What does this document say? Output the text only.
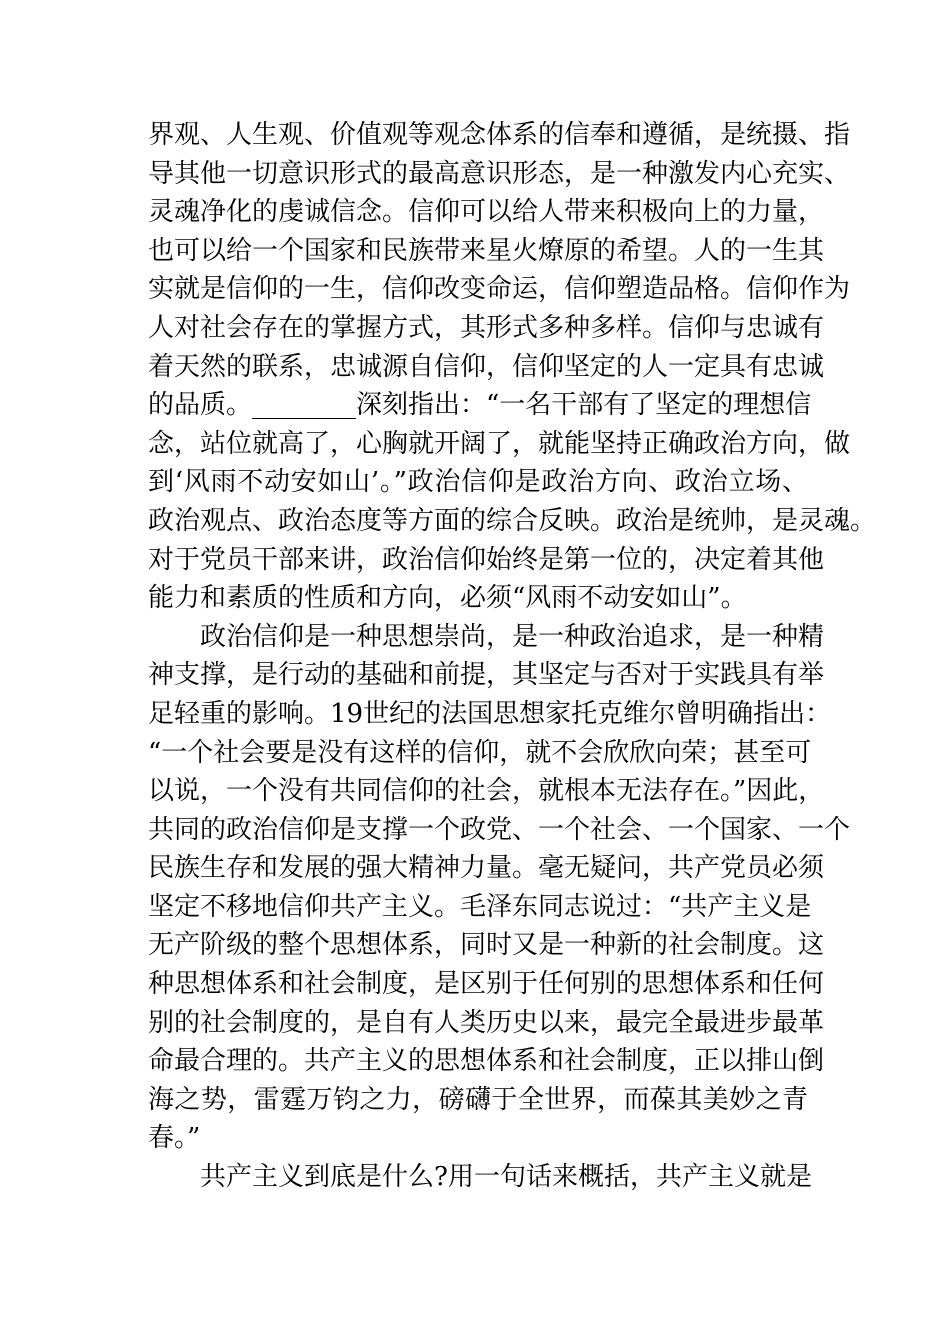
界观、人生观、价值观等观念体系的信奉和遵循，是统摄、指
导其他一切意识形式的最高意识形态，是一种激发内心充实、
灵魂净化的虔诚信念。信仰可以给人带来积极向上的力量，
也可以给一个国家和民族带来星火燎原的希望。人的一生其
实就是信仰的一生，信仰改变命运，信仰塑造品格。信仰作为
人对社会存在的掌握方式，其形式多种多样。信仰与忠诚有
着天然的联系，忠诚源自信仰，信仰坚定的人一定具有忠诚
的品质。________深刻指出：“一名干部有了坚定的理想信
念，站位就高了，心胸就开阔了，就能坚持正确政治方向，做
到‘风雨不动安如山’。”政治信仰是政治方向、政治立场、
政治观点、政治态度等方面的综合反映。政治是统帅，是灵魂。
对于党员干部来讲，政治信仰始终是第一位的，决定着其他
能力和素质的性质和方向，必须“风雨不动安如山”。
政治信仰是一种思想崇尚，是一种政治追求，是一种精
神支撑，是行动的基础和前提，其坚定与否对于实践具有举
足轻重的影响。19世纪的法国思想家托克维尔曾明确指出：
“一个社会要是没有这样的信仰，就不会欣欣向荣；甚至可
以说，一个没有共同信仰的社会，就根本无法存在。”因此，
共同的政治信仰是支撑一个政党、一个社会、一个国家、一个
民族生存和发展的强大精神力量。毫无疑问，共产党员必须
坚定不移地信仰共产主义。毛泽东同志说过：“共产主义是
无产阶级的整个思想体系，同时又是一种新的社会制度。这
种思想体系和社会制度，是区别于任何别的思想体系和任何
别的社会制度的，是自有人类历史以来，最完全最进步最革
命最合理的。共产主义的思想体系和社会制度，正以排山倒
海之势，雷霆万钧之力，磅礴于全世界，而葆其美妙之青
春。”
共产主义到底是什么?用一句话来概括，共产主义就是
